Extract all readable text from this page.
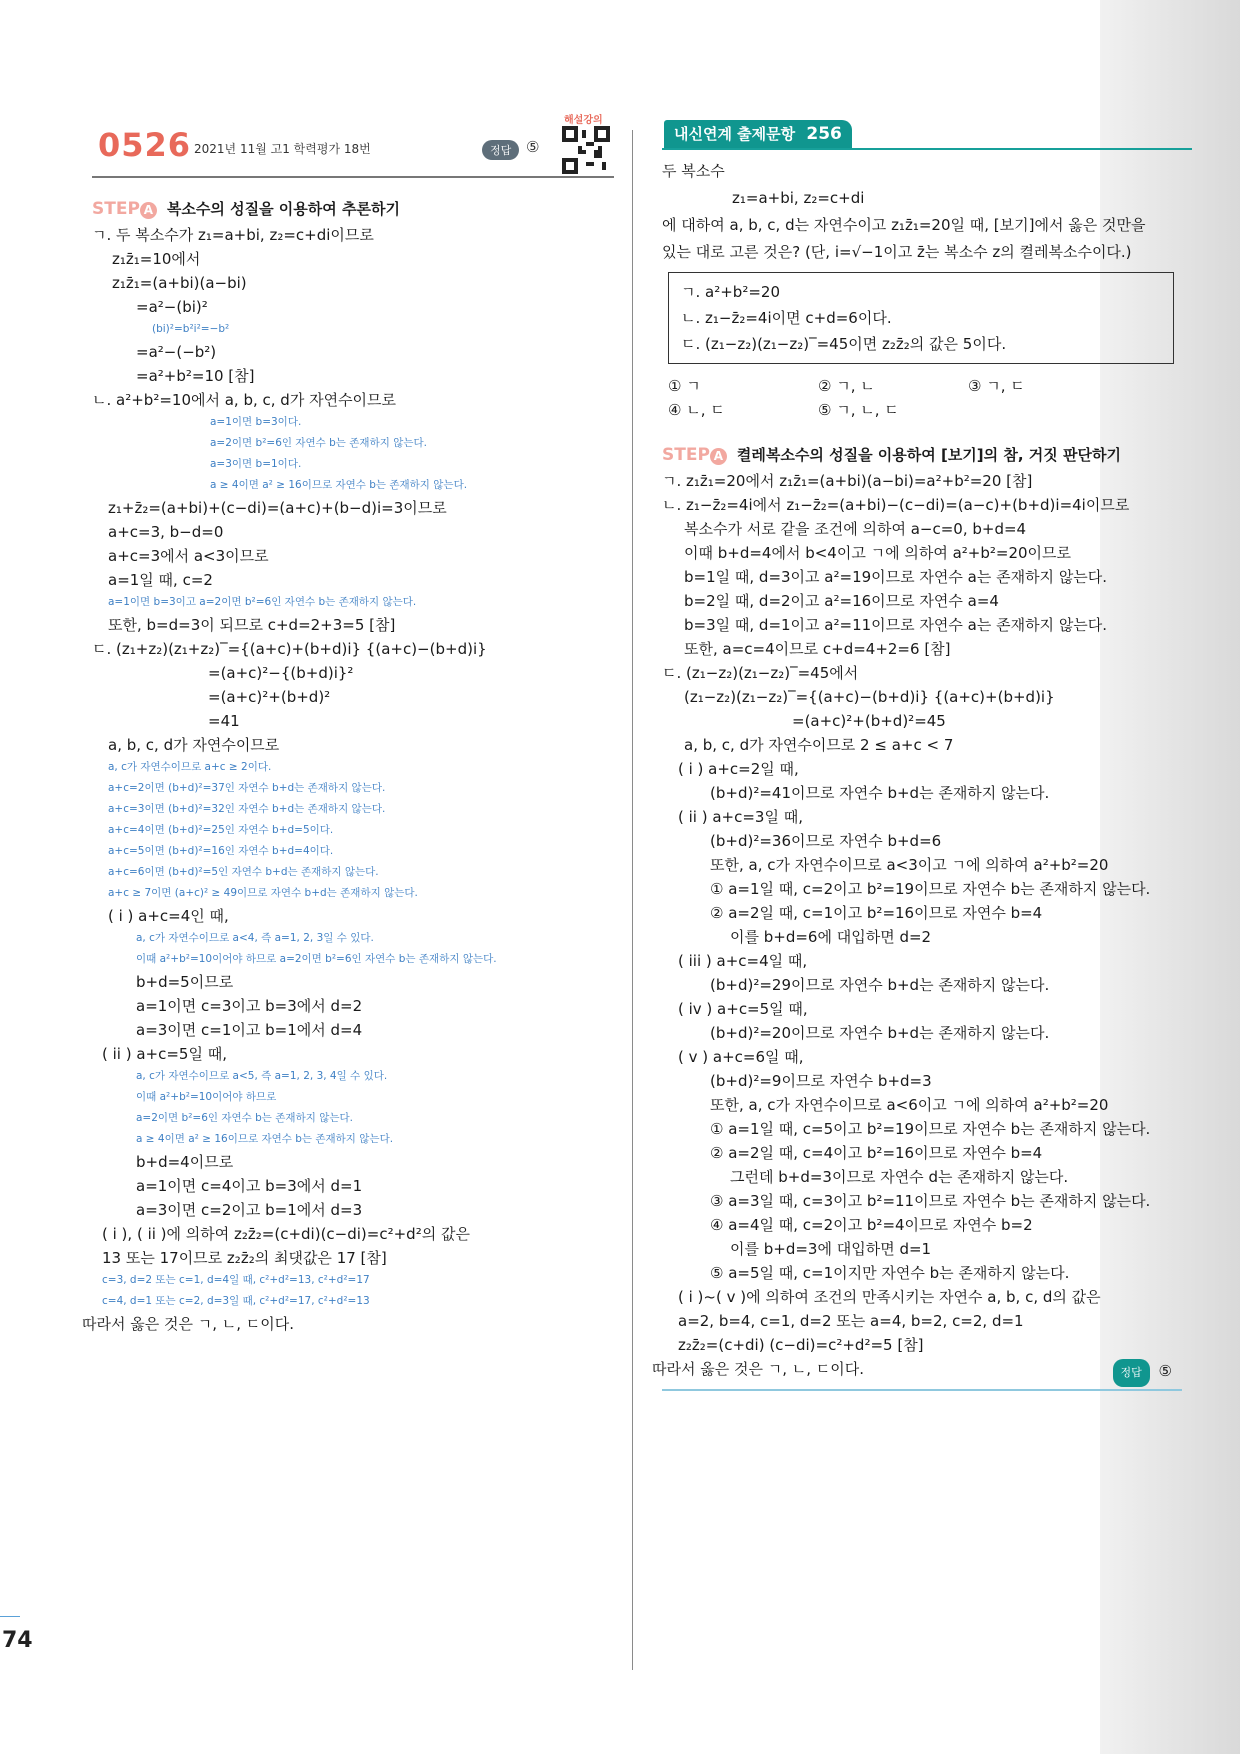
74
0526 2021년 11월 고1 학력평가 18번	정답 ⑤
해설강의
STEP A 복소수의 성질을 이용하여 추론하기
ㄱ. 두 복소수가 z₁=a+bi, z₂=c+di이므로
z₁z̄₁=10에서
z₁z̄₁=(a+bi)(a−bi)
=a²−(bi)²
(bi)²=b²i²=−b²
=a²−(−b²)
=a²+b²=10 [참]
ㄴ. a²+b²=10에서 a, b, c, d가 자연수이므로
a=1이면 b=3이다.
a=2이면 b²=6인 자연수 b는 존재하지 않는다.
a=3이면 b=1이다.
a ≥ 4이면 a² ≥ 16이므로 자연수 b는 존재하지 않는다.
z₁+z̄₂=(a+bi)+(c−di)=(a+c)+(b−d)i=3이므로
a+c=3, b−d=0
a+c=3에서 a<3이므로
a=1일 때, c=2
a=1이면 b=3이고 a=2이면 b²=6인 자연수 b는 존재하지 않는다.
또한, b=d=3이 되므로 c+d=2+3=5 [참]
ㄷ. (z₁+z₂)(z₁+z₂)‾={(a+c)+(b+d)i} {(a+c)−(b+d)i}
=(a+c)²−{(b+d)i}²
=(a+c)²+(b+d)²
=41
a, b, c, d가 자연수이므로
a, c가 자연수이므로 a+c ≥ 2이다.
a+c=2이면 (b+d)²=37인 자연수 b+d는 존재하지 않는다.
a+c=3이면 (b+d)²=32인 자연수 b+d는 존재하지 않는다.
a+c=4이면 (b+d)²=25인 자연수 b+d=5이다.
a+c=5이면 (b+d)²=16인 자연수 b+d=4이다.
a+c=6이면 (b+d)²=5인 자연수 b+d는 존재하지 않는다.
a+c ≥ 7이면 (a+c)² ≥ 49이므로 자연수 b+d는 존재하지 않는다.
( i ) a+c=4인 때,
a, c가 자연수이므로 a<4, 즉 a=1, 2, 3일 수 있다.
이때 a²+b²=10이어야 하므로 a=2이면 b²=6인 자연수 b는 존재하지 않는다.
b+d=5이므로
a=1이면 c=3이고 b=3에서 d=2
a=3이면 c=1이고 b=1에서 d=4
( ii ) a+c=5일 때,
a, c가 자연수이므로 a<5, 즉 a=1, 2, 3, 4일 수 있다.
이때 a²+b²=10이어야 하므로
a=2이면 b²=6인 자연수 b는 존재하지 않는다.
a ≥ 4이면 a² ≥ 16이므로 자연수 b는 존재하지 않는다.
b+d=4이므로
a=1이면 c=4이고 b=3에서 d=1
a=3이면 c=2이고 b=1에서 d=3
( i ), ( ii )에 의하여 z₂z̄₂=(c+di)(c−di)=c²+d²의 값은
13 또는 17이므로 z₂z̄₂의 최댓값은 17 [참]
c=3, d=2 또는 c=1, d=4일 때, c²+d²=13, c²+d²=17
c=4, d=1 또는 c=2, d=3일 때, c²+d²=17, c²+d²=13
따라서 옳은 것은 ㄱ, ㄴ, ㄷ이다.
내신연계 출제문항 256
두 복소수
z₁=a+bi, z₂=c+di
에 대하여 a, b, c, d는 자연수이고 z₁z̄₁=20일 때, [보기]에서 옳은 것만을
있는 대로 고른 것은? (단, i=√−1이고 z̄는 복소수 z의 켤레복소수이다.)
ㄱ. a²+b²=20
ㄴ. z₁−z̄₂=4i이면 c+d=6이다.
ㄷ. (z₁−z₂)(z₁−z₂)‾=45이면 z₂z̄₂의 값은 5이다.
① ㄱ	② ㄱ, ㄴ	③ ㄱ, ㄷ
④ ㄴ, ㄷ	⑤ ㄱ, ㄴ, ㄷ
STEP A 켤레복소수의 성질을 이용하여 [보기]의 참, 거짓 판단하기
ㄱ. z₁z̄₁=20에서 z₁z̄₁=(a+bi)(a−bi)=a²+b²=20 [참]
ㄴ. z₁−z̄₂=4i에서 z₁−z̄₂=(a+bi)−(c−di)=(a−c)+(b+d)i=4i이므로
복소수가 서로 같을 조건에 의하여 a−c=0, b+d=4
이때 b+d=4에서 b<4이고 ㄱ에 의하여 a²+b²=20이므로
b=1일 때, d=3이고 a²=19이므로 자연수 a는 존재하지 않는다.
b=2일 때, d=2이고 a²=16이므로 자연수 a=4
b=3일 때, d=1이고 a²=11이므로 자연수 a는 존재하지 않는다.
또한, a=c=4이므로 c+d=4+2=6 [참]
ㄷ. (z₁−z₂)(z₁−z₂)‾=45에서
(z₁−z₂)(z₁−z₂)‾={(a+c)−(b+d)i} {(a+c)+(b+d)i}
=(a+c)²+(b+d)²=45
a, b, c, d가 자연수이므로 2 ≤ a+c < 7
( i ) a+c=2일 때,
(b+d)²=41이므로 자연수 b+d는 존재하지 않는다.
( ii ) a+c=3일 때,
(b+d)²=36이므로 자연수 b+d=6
또한, a, c가 자연수이므로 a<3이고 ㄱ에 의하여 a²+b²=20
① a=1일 때, c=2이고 b²=19이므로 자연수 b는 존재하지 않는다.
② a=2일 때, c=1이고 b²=16이므로 자연수 b=4
이를 b+d=6에 대입하면 d=2
( iii ) a+c=4일 때,
(b+d)²=29이므로 자연수 b+d는 존재하지 않는다.
( iv ) a+c=5일 때,
(b+d)²=20이므로 자연수 b+d는 존재하지 않는다.
( v ) a+c=6일 때,
(b+d)²=9이므로 자연수 b+d=3
또한, a, c가 자연수이므로 a<6이고 ㄱ에 의하여 a²+b²=20
① a=1일 때, c=5이고 b²=19이므로 자연수 b는 존재하지 않는다.
② a=2일 때, c=4이고 b²=16이므로 자연수 b=4
그런데 b+d=3이므로 자연수 d는 존재하지 않는다.
③ a=3일 때, c=3이고 b²=11이므로 자연수 b는 존재하지 않는다.
④ a=4일 때, c=2이고 b²=4이므로 자연수 b=2
이를 b+d=3에 대입하면 d=1
⑤ a=5일 때, c=1이지만 자연수 b는 존재하지 않는다.
( i )~( v )에 의하여 조건의 만족시키는 자연수 a, b, c, d의 값은
a=2, b=4, c=1, d=2 또는 a=4, b=2, c=2, d=1
z₂z̄₂=(c+di) (c−di)=c²+d²=5 [참]
따라서 옳은 것은 ㄱ, ㄴ, ㄷ이다.	정답 ⑤
